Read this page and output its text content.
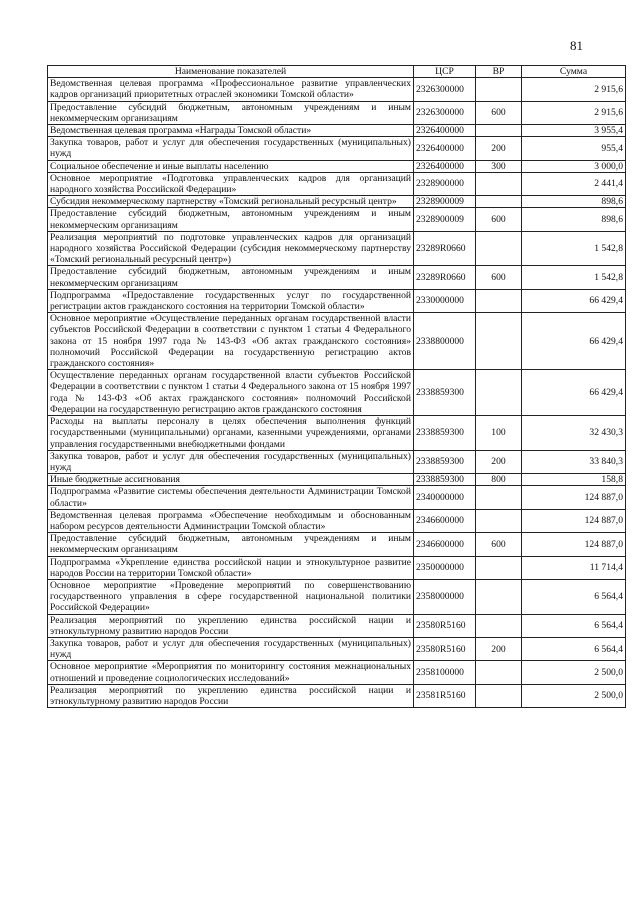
81
Наименование показателей	ЦСР	ВР	Сумма
Ведомственная целевая программа «Профессиональное развитие управленческих кадров организаций приоритетных отраслей экономики Томской области»	2326300000		2 915,6
Предоставление субсидий бюджетным, автономным учреждениям и иным некоммерческим организациям	2326300000	600	2 915,6
Ведомственная целевая программа «Награды Томской области»	2326400000		3 955,4
Закупка товаров, работ и услуг для обеспечения государственных (муниципальных) нужд	2326400000	200	955,4
Социальное обеспечение и иные выплаты населению	2326400000	300	3 000,0
Основное мероприятие «Подготовка управленческих кадров для организаций народного хозяйства Российской Федерации»	2328900000		2 441,4
Субсидия некоммерческому партнерству «Томский региональный ресурсный центр»	2328900009		898,6
Предоставление субсидий бюджетным, автономным учреждениям и иным некоммерческим организациям	2328900009	600	898,6
Реализация мероприятий по подготовке управленческих кадров для организаций народного хозяйства Российской Федерации (субсидия некоммерческому партнерству «Томский региональный ресурсный центр»)	23289R0660		1 542,8
Предоставление субсидий бюджетным, автономным учреждениям и иным некоммерческим организациям	23289R0660	600	1 542,8
Подпрограмма «Предоставление государственных услуг по государственной регистрации актов гражданского состояния на территории Томской области»	2330000000		66 429,4
Основное мероприятие «Осуществление переданных органам государственной власти субъектов Российской Федерации в соответствии с пунктом 1 статьи 4 Федерального закона от 15 ноября 1997 года № 143-ФЗ «Об актах гражданского состояния» полномочий Российской Федерации на государственную регистрацию актов гражданского состояния»	2338800000		66 429,4
Осуществление переданных органам государственной власти субъектов Российской Федерации в соответствии с пунктом 1 статьи 4 Федерального закона от 15 ноября 1997 года № 143-ФЗ «Об актах гражданского состояния» полномочий Российской Федерации на государственную регистрацию актов гражданского состояния	2338859300		66 429,4
Расходы на выплаты персоналу в целях обеспечения выполнения функций государственными (муниципальными) органами, казенными учреждениями, органами управления государственными внебюджетными фондами	2338859300	100	32 430,3
Закупка товаров, работ и услуг для обеспечения государственных (муниципальных) нужд	2338859300	200	33 840,3
Иные бюджетные ассигнования	2338859300	800	158,8
Подпрограмма «Развитие системы обеспечения деятельности Администрации Томской области»	2340000000		124 887,0
Ведомственная целевая программа «Обеспечение необходимым и обоснованным набором ресурсов деятельности Администрации Томской области»	2346600000		124 887,0
Предоставление субсидий бюджетным, автономным учреждениям и иным некоммерческим организациям	2346600000	600	124 887,0
Подпрограмма «Укрепление единства российской нации и этнокультурное развитие народов России на территории Томской области»	2350000000		11 714,4
Основное мероприятие «Проведение мероприятий по совершенствованию государственного управления в сфере государственной национальной политики Российской Федерации»	2358000000		6 564,4
Реализация мероприятий по укреплению единства российской нации и этнокультурному развитию народов России	23580R5160		6 564,4
Закупка товаров, работ и услуг для обеспечения государственных (муниципальных) нужд	23580R5160	200	6 564,4
Основное мероприятие «Мероприятия по мониторингу состояния межнациональных отношений и проведение социологических исследований»	2358100000		2 500,0
Реализация мероприятий по укреплению единства российской нации и этнокультурному развитию народов России	23581R5160		2 500,0
